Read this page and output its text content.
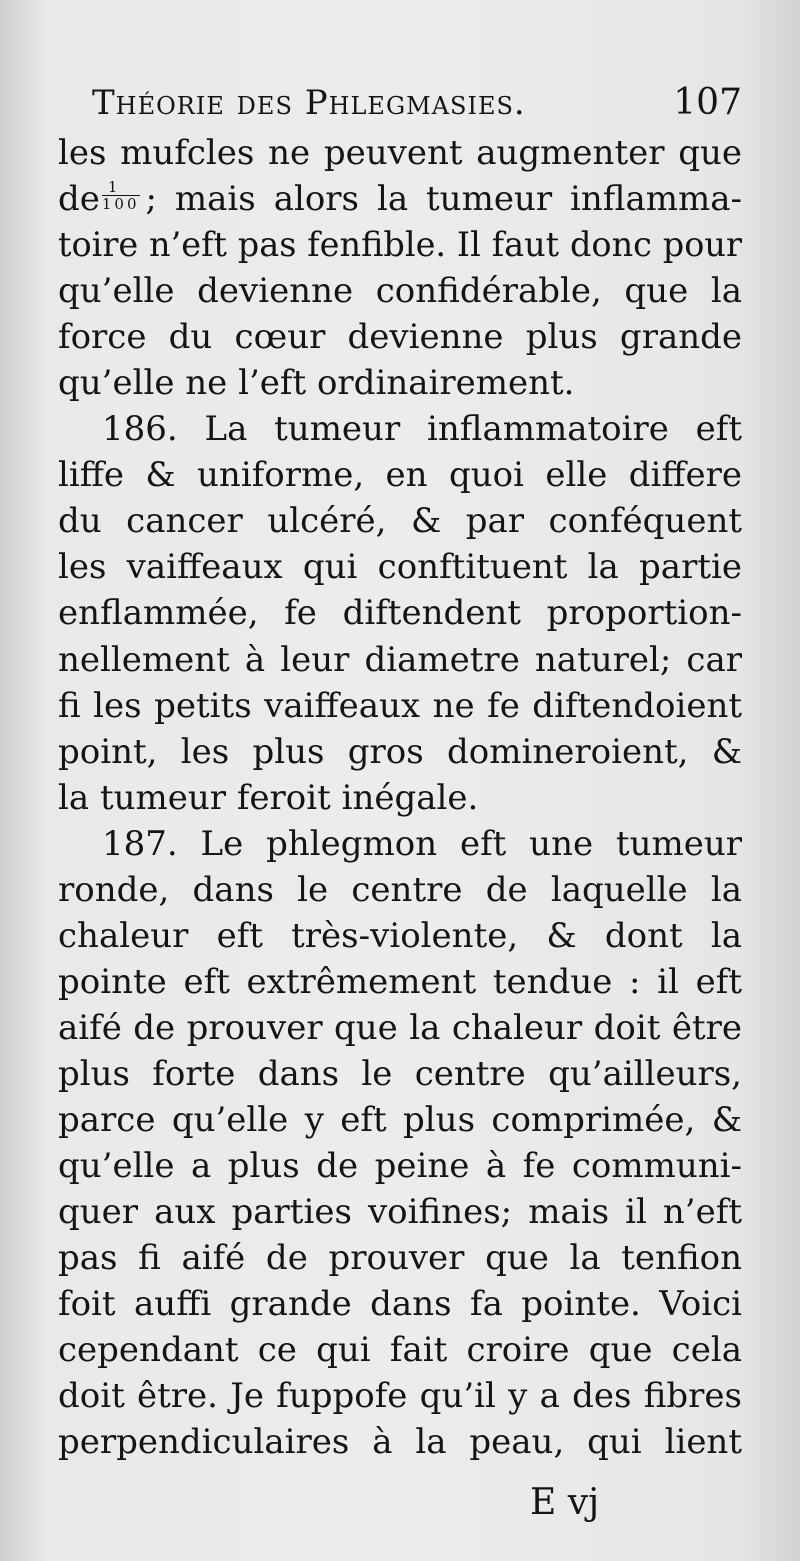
Théorie des Phlegmasies.	107
les mufcles ne peuvent augmenter que
de $\frac{1}{100}$ ; mais alors la tumeur inflamma-
toire n’eft pas fenfible. Il faut donc pour
qu’elle devienne confidérable, que la
force du cœur devienne plus grande
qu’elle ne l’eft ordinairement.
186. La tumeur inflammatoire eft
liffe & uniforme, en quoi elle differe
du cancer ulcéré, & par conféquent
les vaiffeaux qui conftituent la partie
enflammée, fe diftendent proportion-
nellement à leur diametre naturel; car
fi les petits vaiffeaux ne fe diftendoient
point, les plus gros domineroient, &
la tumeur feroit inégale.
187. Le phlegmon eft une tumeur
ronde, dans le centre de laquelle la
chaleur eft très-violente, & dont la
pointe eft extrêmement tendue : il eft
aifé de prouver que la chaleur doit être
plus forte dans le centre qu’ailleurs,
parce qu’elle y eft plus comprimée, &
qu’elle a plus de peine à fe communi-
quer aux parties voifines; mais il n’eft
pas fi aifé de prouver que la tenfion
foit auffi grande dans fa pointe. Voici
cependant ce qui fait croire que cela
doit être. Je fuppofe qu’il y a des fibres
perpendiculaires à la peau, qui lient
E vj
